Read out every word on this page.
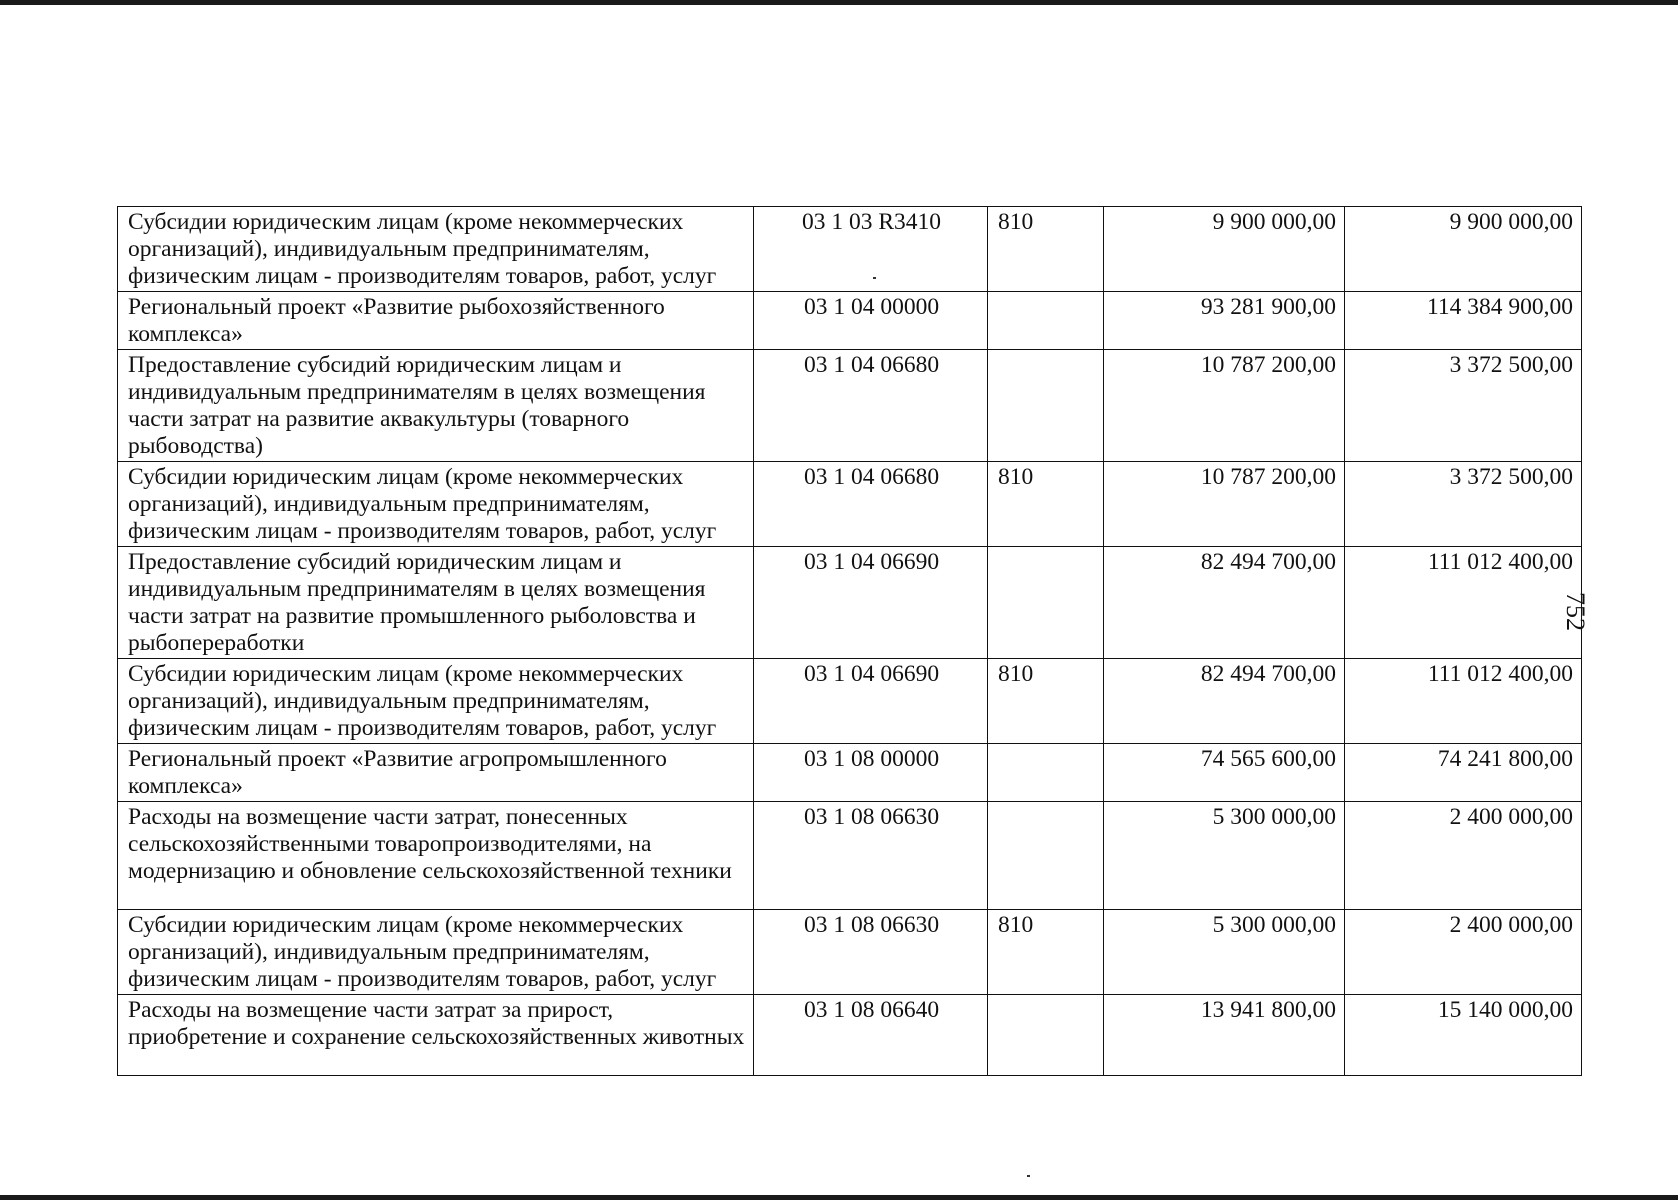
752
Субсидии юридическим лицам (кроме некоммерческих организаций), индивидуальным предпринимателям, физическим лицам - производителям товаров, работ, услуг	03 1 03 R3410	810	9 900 000,00	9 900 000,00
Региональный проект «Развитие рыбохозяйственного комплекса»	03 1 04 00000		93 281 900,00	114 384 900,00
Предоставление субсидий юридическим лицам и индивидуальным предпринимателям в целях возмещения части затрат на развитие аквакультуры (товарного рыбоводства)	03 1 04 06680		10 787 200,00	3 372 500,00
Субсидии юридическим лицам (кроме некоммерческих организаций), индивидуальным предпринимателям, физическим лицам - производителям товаров, работ, услуг	03 1 04 06680	810	10 787 200,00	3 372 500,00
Предоставление субсидий юридическим лицам и индивидуальным предпринимателям в целях возмещения части затрат на развитие промышленного рыболовства и рыбопереработки	03 1 04 06690		82 494 700,00	111 012 400,00
Субсидии юридическим лицам (кроме некоммерческих организаций), индивидуальным предпринимателям, физическим лицам - производителям товаров, работ, услуг	03 1 04 06690	810	82 494 700,00	111 012 400,00
Региональный проект «Развитие агропромышленного комплекса»	03 1 08 00000		74 565 600,00	74 241 800,00
Расходы на возмещение части затрат, понесенных сельскохозяйственными товаропроизводителями, на модернизацию и обновление сельскохозяйственной техники	03 1 08 06630		5 300 000,00	2 400 000,00
Субсидии юридическим лицам (кроме некоммерческих организаций), индивидуальным предпринимателям, физическим лицам - производителям товаров, работ, услуг	03 1 08 06630	810	5 300 000,00	2 400 000,00
Расходы на возмещение части затрат за прирост, приобретение и сохранение сельскохозяйственных животных	03 1 08 06640		13 941 800,00	15 140 000,00
